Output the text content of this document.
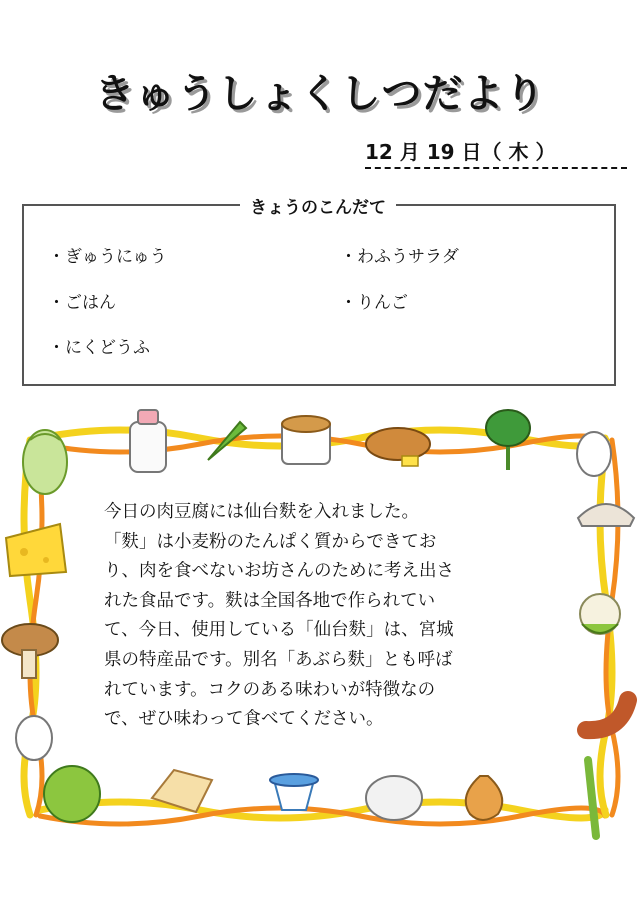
きゅうしょくしつだより
12 月 19 日（ 木 ）
きょうのこんだて
・ぎゅうにゅう
・ごはん
・にくどうふ
・わふうサラダ
・りんご

今日の肉豆腐には仙台麩を入れました。

「麩」は小麦粉のたんぱく質からできてお

り、肉を食べないお坊さんのために考え出さ

れた食品です。麩は全国各地で作られてい

て、今日、使用している「仙台麩」は、宮城

県の特産品です。別名「あぶら麩」とも呼ば

れています。コクのある味わいが特徴なの

で、ぜひ味わって食べてください。
